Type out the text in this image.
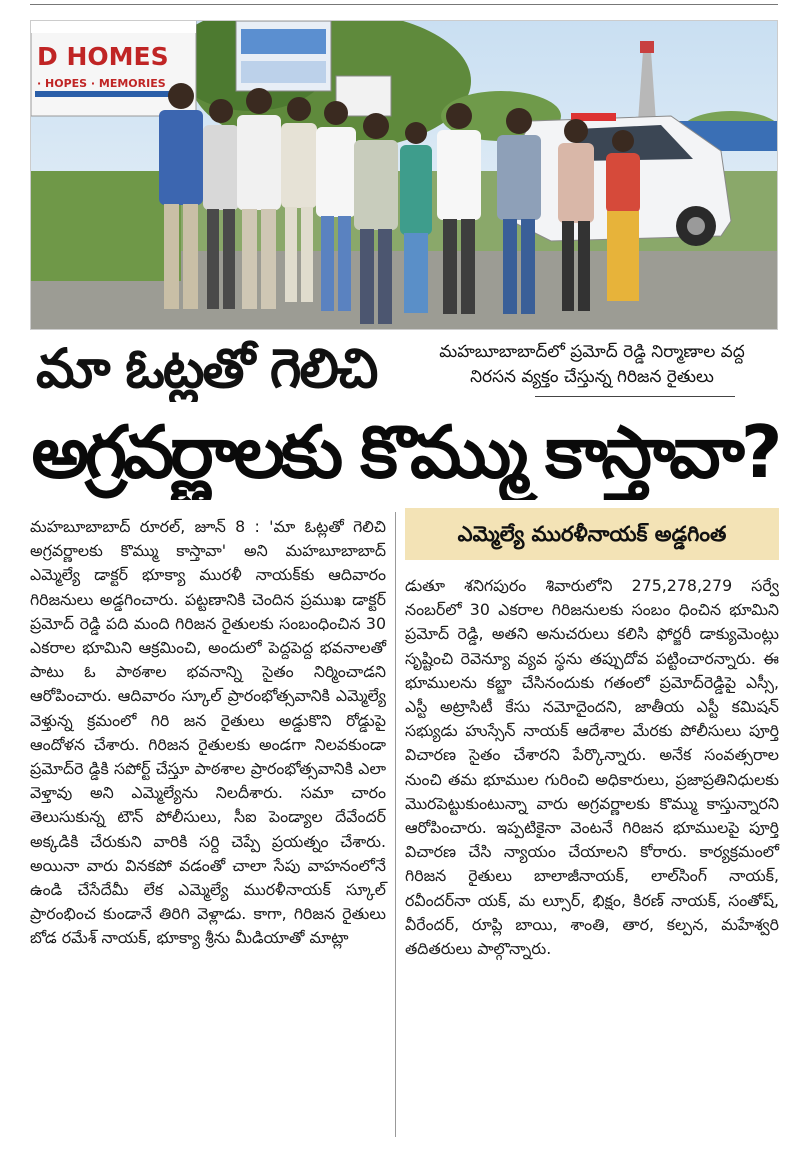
D HOMES
· HOPES · MEMORIES
మా ఓట్లతో గెలిచి	మహబూబాబాద్‌లో ప్రమోద్ రెడ్డి నిర్మాణాల వద్ద
నిరసన వ్యక్తం చేస్తున్న గిరిజన రైతులు
అగ్రవర్ణాలకు కొమ్ము కాస్తావా?
ఎమ్మెల్యే మురళీనాయక్ అడ్డగింత

మహబూబాబాద్ రూరల్, జూన్ 8 : 'మా ఓట్లతో గెలిచి అగ్రవర్ణాలకు కొమ్ము కాస్తావా' అని మహబూబాబాద్ ఎమ్మెల్యే డాక్టర్ భూక్యా మురళీ నాయక్‌కు ఆదివారం గిరిజనులు అడ్డగించారు. పట్టణానికి చెందిన ప్రముఖ డాక్టర్ ప్రమోద్ రెడ్డి పది మంది గిరిజన రైతులకు సంబంధించిన 30 ఎకరాల భూమిని ఆక్రమించి, అందులో పెద్దపెద్ద భవనాలతో పాటు ఓ పాఠశాల భవనాన్ని సైతం నిర్మించాడని ఆరోపించారు. ఆదివారం స్కూల్ ప్రారంభోత్సవానికి ఎమ్మెల్యే వెళ్తున్న క్రమంలో గిరి జన రైతులు అడ్డుకొని రోడ్డుపై ఆందోళన చేశారు. గిరిజన రైతులకు అండగా నిలవకుండా ప్రమోద్‌రె డ్డికి సపోర్ట్ చేస్తూ పాఠశాల ప్రారంభోత్సవానికి ఎలా వెళ్తావు అని ఎమ్మెల్యేను నిలదీశారు. సమా చారం తెలుసుకున్న టౌన్ పోలీసులు, సీఐ పెండ్యాల దేవేందర్ అక్కడికి చేరుకుని వారికి సర్ది చెప్పే ప్రయత్నం చేశారు. అయినా వారు వినకపో వడంతో చాలా సేపు వాహనంలోనే ఉండి చేసేదేమీ లేక ఎమ్మెల్యే మురళీనాయక్ స్కూల్ ప్రారంభించ కుండానే తిరిగి వెళ్లాడు. కాగా, గిరిజన రైతులు బోడ రమేశ్ నాయక్, భూక్యా శ్రీను మీడియాతో మాట్లా

డుతూ శనిగపురం శివారులోని 275,278,279 సర్వే నంబర్‌లో 30 ఎకరాల గిరిజనులకు సంబం ధించిన భూమిని ప్రమోద్ రెడ్డి, అతని అనుచరులు కలిసి ఫోర్జరీ డాక్యుమెంట్లు సృష్టించి రెవెన్యూ వ్యవ స్థను తప్పుదోవ పట్టించారన్నారు. ఈ భూములను కబ్జా చేసినందుకు గతంలో ప్రమోద్‌రెడ్డిపై ఎస్సీ, ఎస్టీ అట్రాసిటీ కేసు నమోదైందని, జాతీయ ఎస్టీ కమిషన్ సభ్యుడు హుస్సేన్ నాయక్ ఆదేశాల మేరకు పోలీసులు పూర్తి విచారణ సైతం చేశారని పేర్కొన్నారు. అనేక సంవత్సరాల నుంచి తమ భూముల గురించి అధికారులు, ప్రజాప్రతినిధులకు మొరపెట్టుకుంటున్నా వారు అగ్రవర్ణాలకు కొమ్ము కాస్తున్నారని ఆరోపించారు. ఇప్పటికైనా వెంటనే గిరిజన భూములపై పూర్తి విచారణ చేసి న్యాయం చేయాలని కోరారు. కార్యక్రమంలో గిరిజన రైతులు బాలాజీనాయక్, లాల్‌సింగ్ నాయక్, రవీందర్‌నా యక్, మ ల్సూర్, భిక్షం, కిరణ్ నాయక్, సంతోష్, వీరేందర్, రూప్లి బాయి, శాంతి, తార, కల్పన, మహేశ్వరి తదితరులు పాల్గొన్నారు.
